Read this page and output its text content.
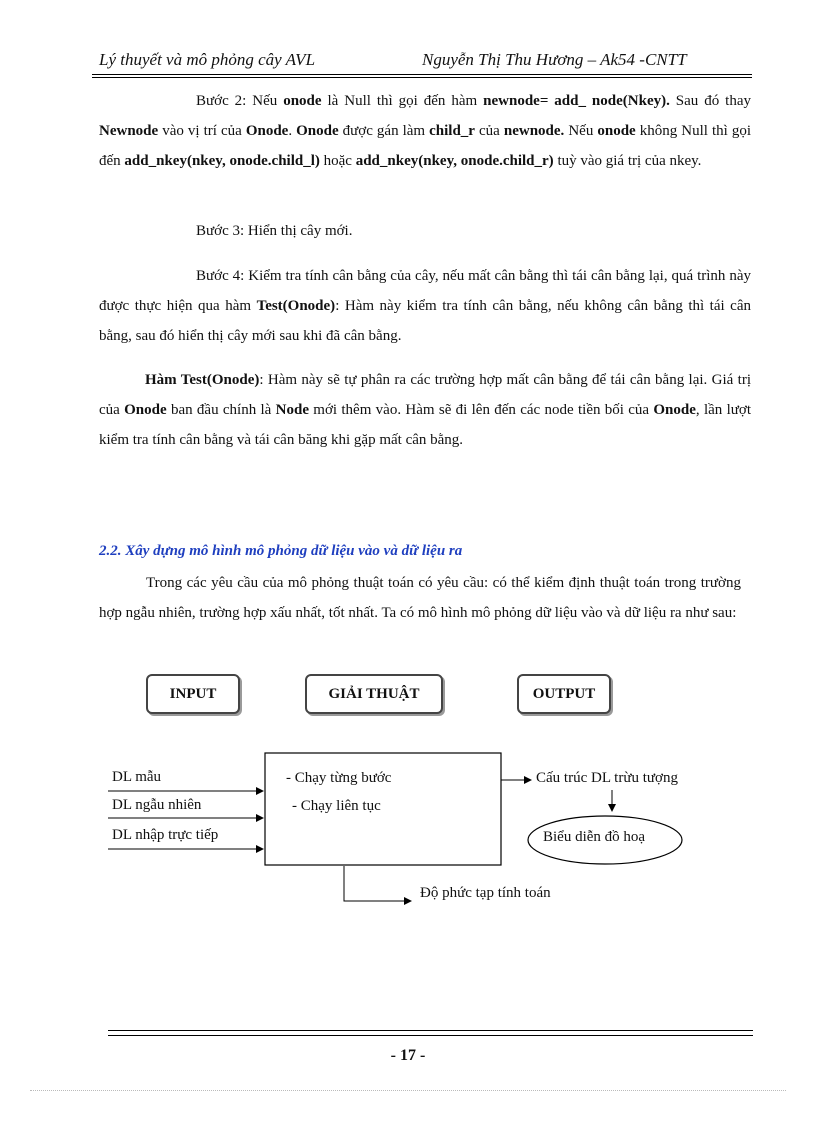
Lý thuyết và mô phỏng cây AVL	Nguyễn Thị Thu Hương – Ak54 -CNTT
Bước 2: Nếu onode là Null thì gọi đến hàm newnode= add_ node(Nkey). Sau đó thay Newnode vào vị trí của Onode. Onode được gán làm child_r của newnode. Nếu onode không Null thì gọi đến add_nkey(nkey, onode.child_l) hoặc add_nkey(nkey, onode.child_r) tuỳ vào giá trị của nkey.
Bước 3: Hiển thị cây mới.
Bước 4: Kiểm tra tính cân bằng của cây, nếu mất cân bằng thì tái cân bằng lại, quá trình này được thực hiện qua hàm Test(Onode): Hàm này kiểm tra tính cân bằng, nếu không cân bằng thì tái cân bằng, sau đó hiển thị cây mới sau khi đã cân bằng.
Hàm Test(Onode): Hàm này sẽ tự phân ra các trường hợp mất cân bằng để tái cân bằng lại. Giá trị của Onode ban đầu chính là Node mới thêm vào. Hàm sẽ đi lên đến các node tiền bối của Onode, lần lượt kiểm tra tính cân bằng và tái cân băng khi gặp mất cân bằng.
2.2. Xây dựng mô hình mô phỏng dữ liệu vào và dữ liệu ra
Trong các yêu cầu của mô phỏng thuật toán có yêu cầu: có thể kiểm định thuật toán trong trường hợp ngẫu nhiên, trường hợp xấu nhất, tốt nhất. Ta có mô hình mô phỏng dữ liệu vào và dữ liệu ra như sau:
INPUT	GIẢI THUẬT	OUTPUT
DL mẫu
DL ngẫu nhiên
DL nhập trực tiếp
- Chạy từng bước
- Chạy liên tục
Cấu trúc DL trừu tượng
Biểu diễn đồ hoạ
Độ phức tạp tính toán
- 17 -
